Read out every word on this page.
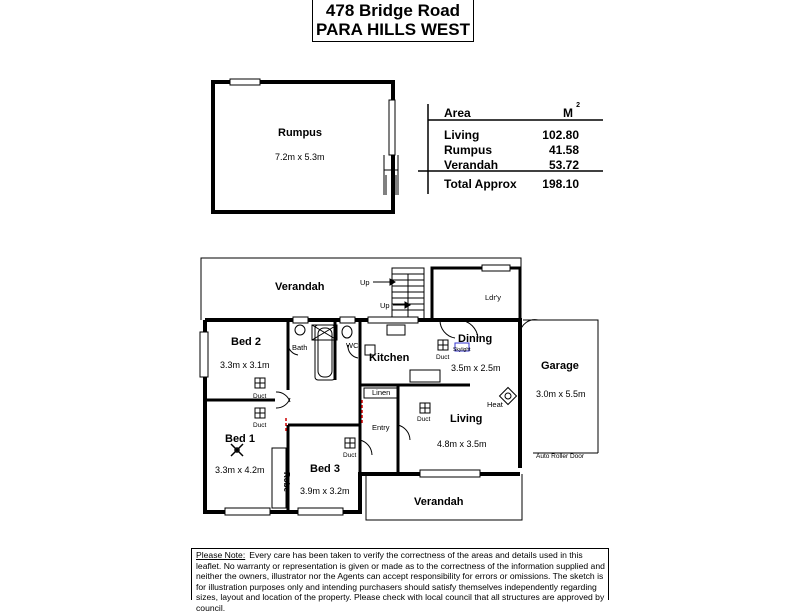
478 Bridge Road
PARA HILLS WEST
Area	M
2
Living	102.80
Rumpus	41.58
Verandah	53.72
Total Approx 198.10
Rumpus
Verandah
Bed 2
Kitchen
Dining
Garage
Bed 1
Bed 3
Living
Verandah
7.2m x 5.3m
3.3m x 3.1m	3.5m x 2.5m
3.0m x 5.5m
3.3m x 4.2m
3.9m x 3.2m
4.8m x 3.5m
Bath	WC
Ldr'y
Linen
Entry
Heat
Up
Up
Duct
Duct
Duct
Duct
Duct
Skylight
Auto Roller Door
Robe
Please Note: Every care has been taken to verify the correctness of the areas and details used in this leaflet. No warranty or representation is given or made as to the correctness of the information supplied and neither the owners, illustrator nor the Agents can accept responsibility for errors or omissions. The sketch is for illustration purposes only and intending purchasers should satisfy themselves independently regarding sizes, layout and location of the property. Please check with local council that all structures are approved by council.
